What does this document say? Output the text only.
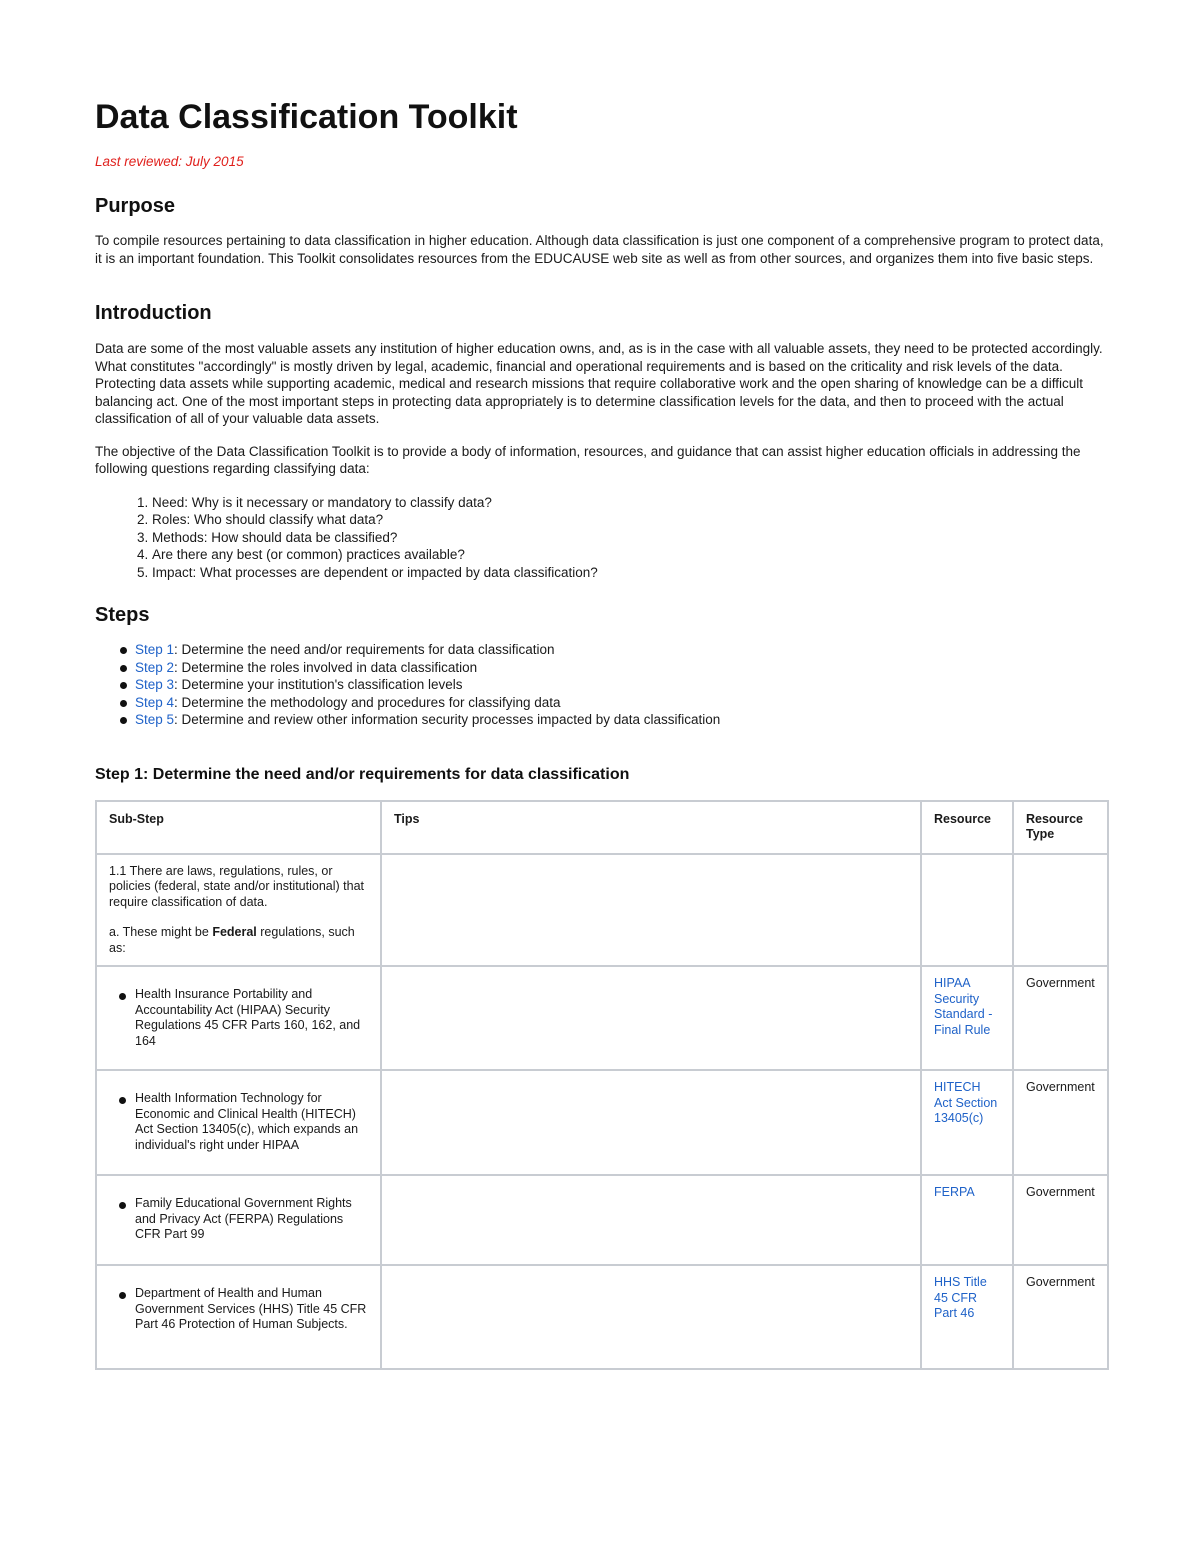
Data Classification Toolkit
Last reviewed: July 2015
Purpose

To compile resources pertaining to data classification in higher education. Although data classification is just one component of a comprehensive program to protect data, it is an important foundation. This Toolkit consolidates resources from the EDUCAUSE web site as well as from other sources, and organizes them into five basic steps.

Introduction

Data are some of the most valuable assets any institution of higher education owns, and, as is in the case with all valuable assets, they need to be protected accordingly. What constitutes "accordingly" is mostly driven by legal, academic, financial and operational requirements and is based on the criticality and risk levels of the data. Protecting data assets while supporting academic, medical and research missions that require collaborative work and the open sharing of knowledge can be a difficult balancing act. One of the most important steps in protecting data appropriately is to determine classification levels for the data, and then to proceed with the actual classification of all of your valuable data assets.

The objective of the Data Classification Toolkit is to provide a body of information, resources, and guidance that can assist higher education officials in addressing the following questions regarding classifying data:

1. Need: Why is it necessary or mandatory to classify data?
2. Roles: Who should classify what data?
3. Methods: How should data be classified?
4. Are there any best (or common) practices available?
5. Impact: What processes are dependent or impacted by data classification?
Steps
Step 1: Determine the need and/or requirements for data classification
Step 2: Determine the roles involved in data classification
Step 3: Determine your institution's classification levels
Step 4: Determine the methodology and procedures for classifying data
Step 5: Determine and review other information security processes impacted by data classification
Step 1: Determine the need and/or requirements for data classification
Sub-Step	Tips	Resource	Resource Type

1.1 There are laws, regulations, rules, or policies (federal, state and/or institutional) that require classification of data.
a. These might be Federal regulations, such as:			

Health Insurance Portability and Accountability Act (HIPAA) Security Regulations 45 CFR Parts 160, 162, and 164		HIPAA Security Standard - Final Rule	Government

Health Information Technology for Economic and Clinical Health (HITECH) Act Section 13405(c), which expands an individual's right under HIPAA		HITECH Act Section 13405(c)	Government

Family Educational Government Rights and Privacy Act (FERPA) Regulations CFR Part 99		FERPA	Government

Department of Health and Human Government Services (HHS) Title 45 CFR Part 46 Protection of Human Subjects.		HHS Title 45 CFR Part 46	Government
